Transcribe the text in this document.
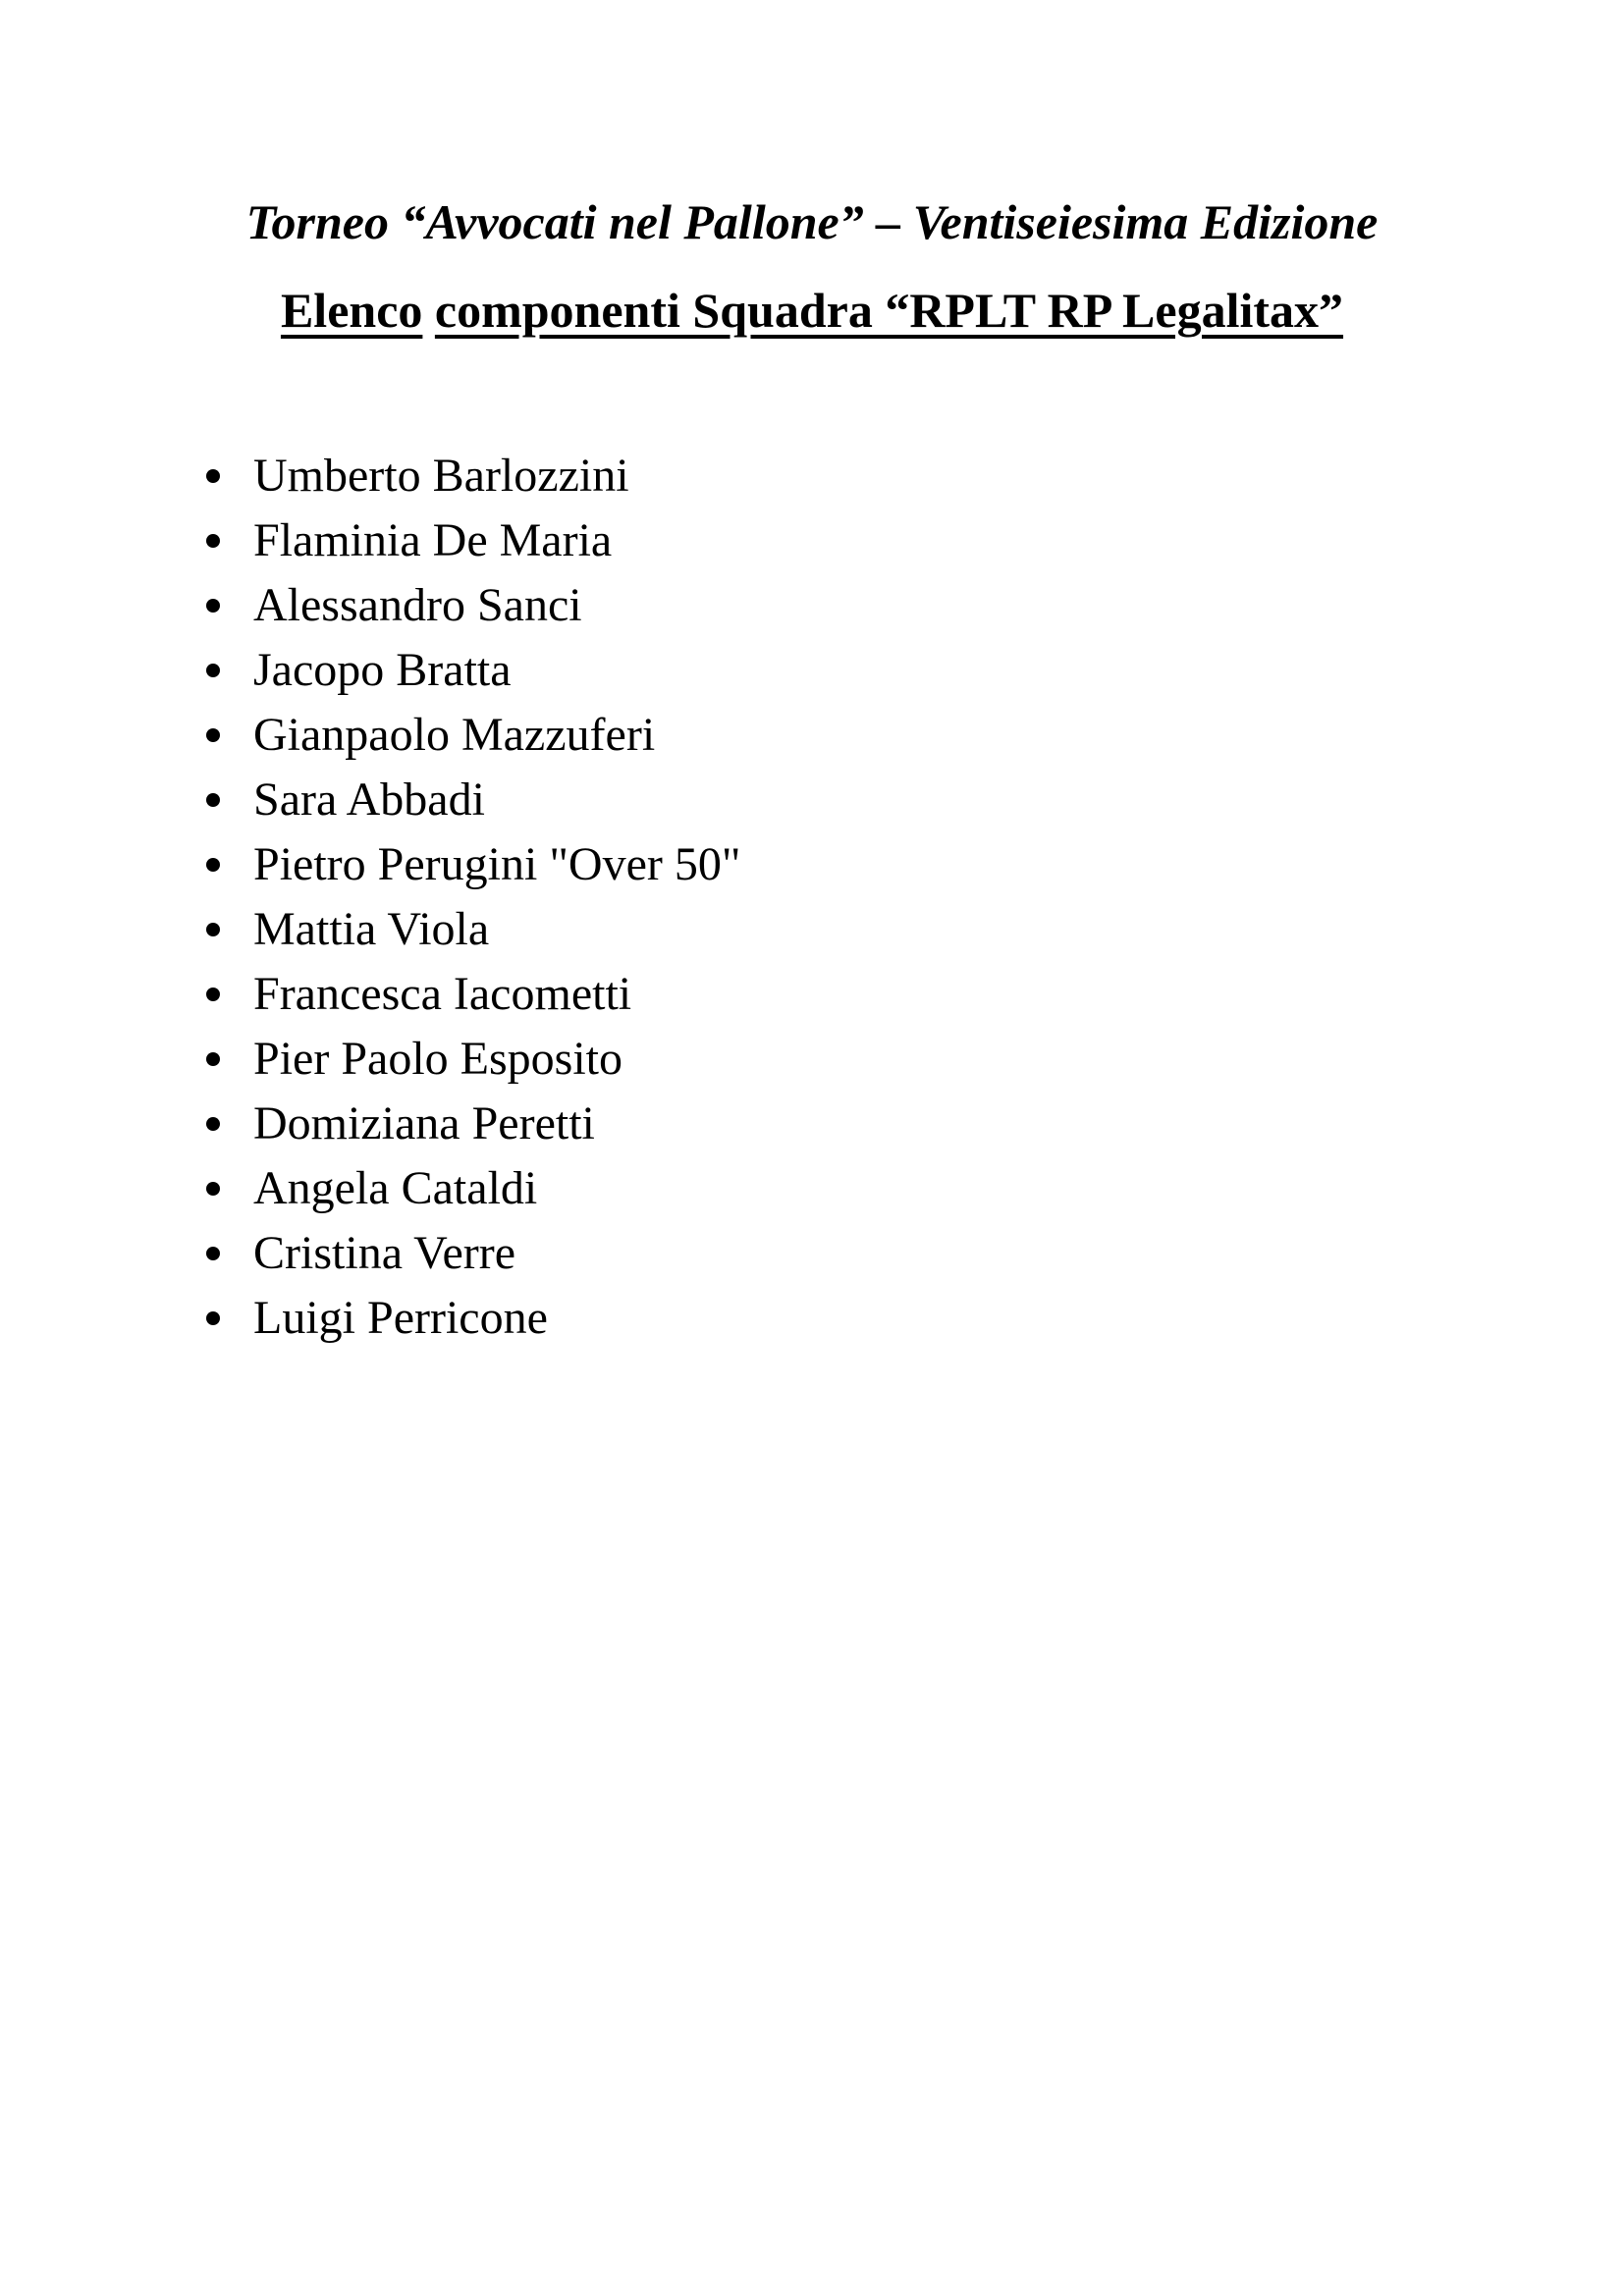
Torneo “Avvocati nel Pallone” – Ventiseiesima Edizione
Elenco componenti Squadra “RPLT RP Legalitax”
Umberto Barlozzini
Flaminia De Maria
Alessandro Sanci
Jacopo Bratta
Gianpaolo Mazzuferi
Sara Abbadi
Pietro Perugini "Over 50"
Mattia Viola
Francesca Iacometti
Pier Paolo Esposito
Domiziana Peretti
Angela Cataldi
Cristina Verre
Luigi Perricone
